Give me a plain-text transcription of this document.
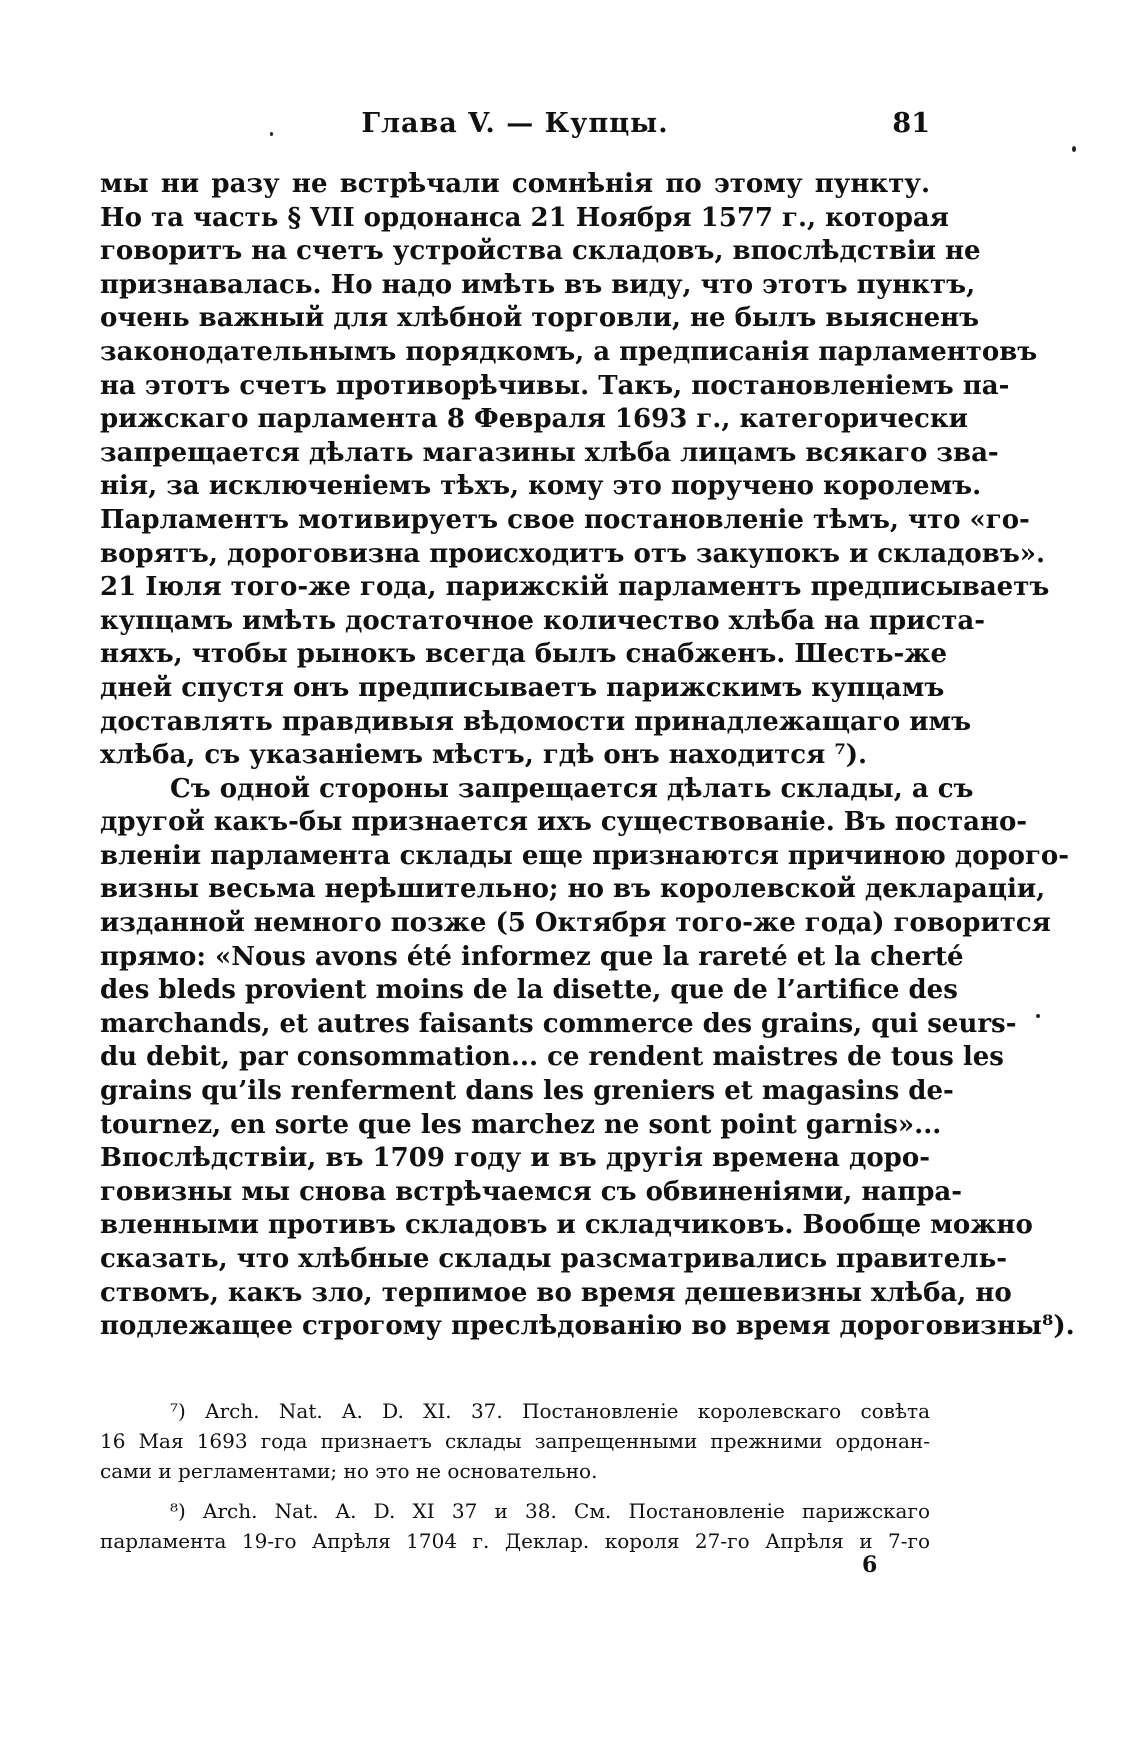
Глава V. — Купцы.	81
мы ни разу не встрѣчали сомнѣнія по этому пункту.
Но та часть § VII ордонанса 21 Ноября 1577 г., которая
говоритъ на счетъ устройства складовъ, впослѣдствіи не
признавалась. Но надо имѣть въ виду, что этотъ пунктъ,
очень важный для хлѣбной торговли, не былъ выясненъ
законодательнымъ порядкомъ, а предписанія парламентовъ
на этотъ счетъ противорѣчивы. Такъ, постановленіемъ па-
рижскаго парламента 8 Февраля 1693 г., категорически
запрещается дѣлать магазины хлѣба лицамъ всякаго зва-
нія, за исключеніемъ тѣхъ, кому это поручено королемъ.
Парламентъ мотивируетъ свое постановленіе тѣмъ, что «го-
ворятъ, дороговизна происходитъ отъ закупокъ и складовъ».
21 Іюля того-же года, парижскій парламентъ предписываетъ
купцамъ имѣть достаточное количество хлѣба на приста-
няхъ, чтобы рынокъ всегда былъ снабженъ. Шесть-же
дней спустя онъ предписываетъ парижскимъ купцамъ
доставлять правдивыя вѣдомости принадлежащаго имъ
хлѣба, съ указаніемъ мѣстъ, гдѣ онъ находится ⁷).
Съ одной стороны запрещается дѣлать склады, а съ
другой какъ-бы признается ихъ существованіе. Въ постано-
вленіи парламента склады еще признаются причиною дорого-
визны весьма нерѣшительно; но въ королевской деклараціи,
изданной немного позже (5 Октября того-же года) говорится
прямо: «Nous avons été informez que la rareté et la cherté
des bleds provient moins de la disette, que de l’artifice des
marchands, et autres faisants commerce des grains, qui seurs-
du debit, par consommation... ce rendent maistres de tous les
grains qu’ils renferment dans les greniers et magasins de-
tournez, en sorte que les marchez ne sont point garnis»...
Впослѣдствіи, въ 1709 году и въ другія времена доро-
говизны мы снова встрѣчаемся съ обвиненіями, напра-
вленными противъ складовъ и складчиковъ. Вообще можно
сказать, что хлѣбные склады разсматривались правитель-
ствомъ, какъ зло, терпимое во время дешевизны хлѣба, но
подлежащее строгому преслѣдованію во время дороговизны⁸).
⁷) Arch. Nat. A. D. XI. 37. Постановленіе королевскаго совѣта
16 Мая 1693 года признаетъ склады запрещенными прежними ордонан-
сами и регламентами; но это не основательно.
⁸) Arch. Nat. A. D. XI 37 и 38. См. Постановленіе парижскаго
парламента 19-го Апрѣля 1704 г. Деклар. короля 27-го Апрѣля и 7-го
6
